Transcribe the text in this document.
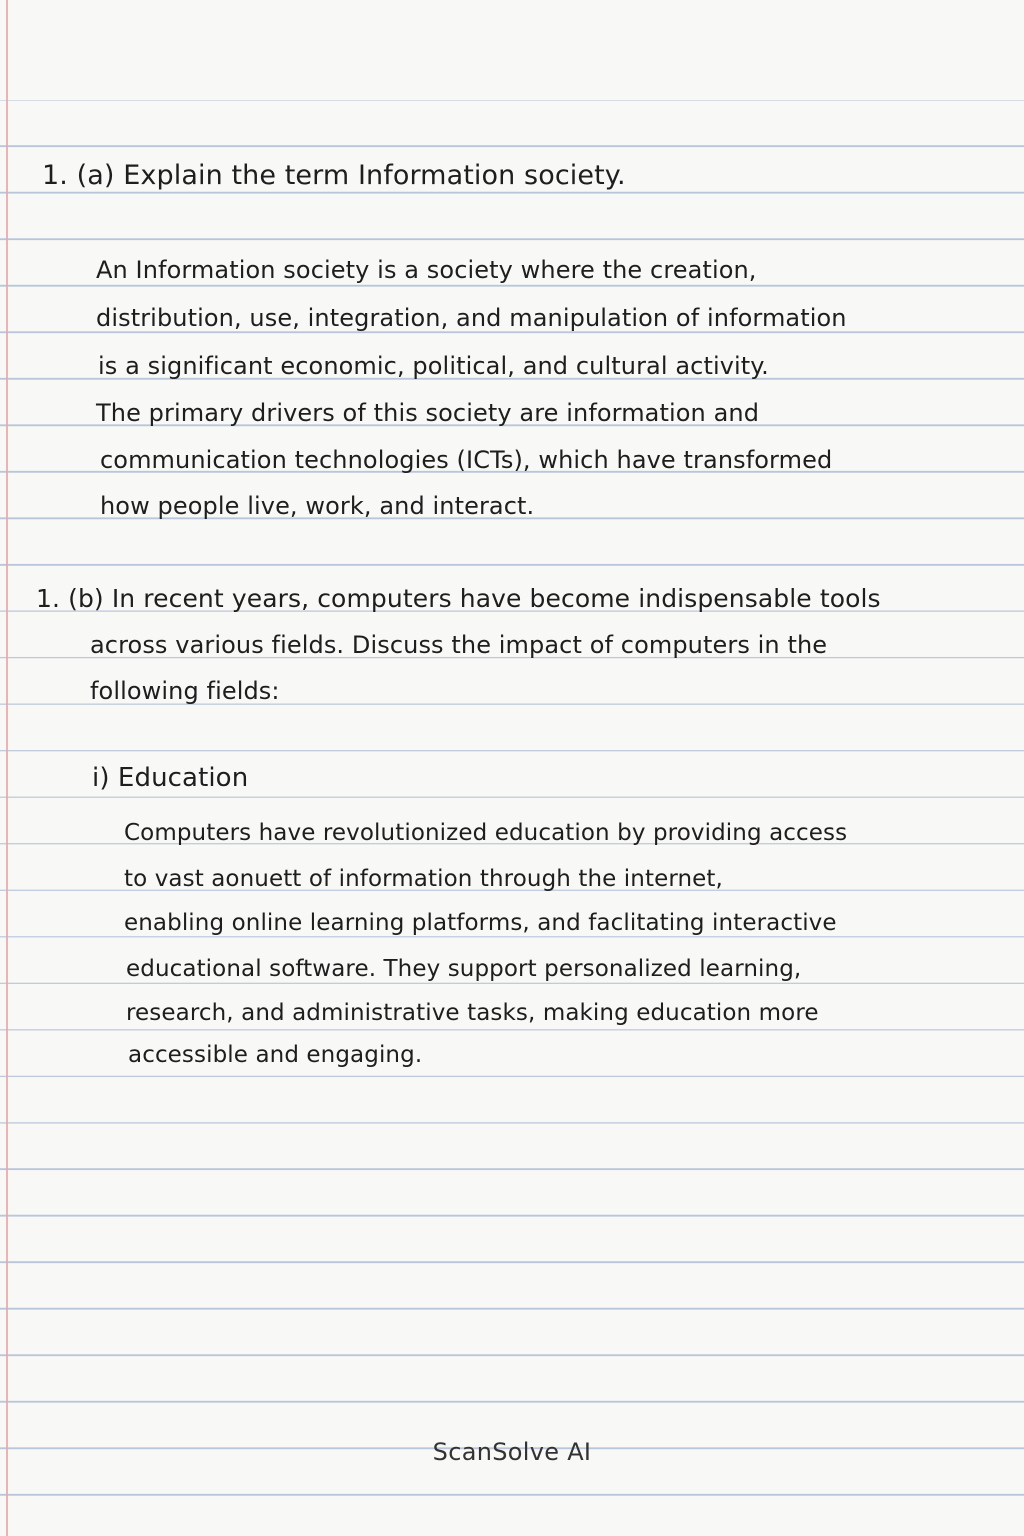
1. (a) Explain the term Information society.

An Information society is a society where the creation,

distribution, use, integration, and manipulation of information

is a significant economic, political, and cultural activity.

The primary drivers of this society are information and

communication technologies (ICTs), which have transformed

how people live, work, and interact.

1. (b) In recent years, computers have become indispensable tools

across various fields. Discuss the impact of computers in the

following fields:

i) Education

Computers have revolutionized education by providing access

to vast aonuett of information through the internet,

enabling online learning platforms, and faclitating interactive

educational software. They support personalized learning,

research, and administrative tasks, making education more

accessible and engaging.

ScanSolve AI
